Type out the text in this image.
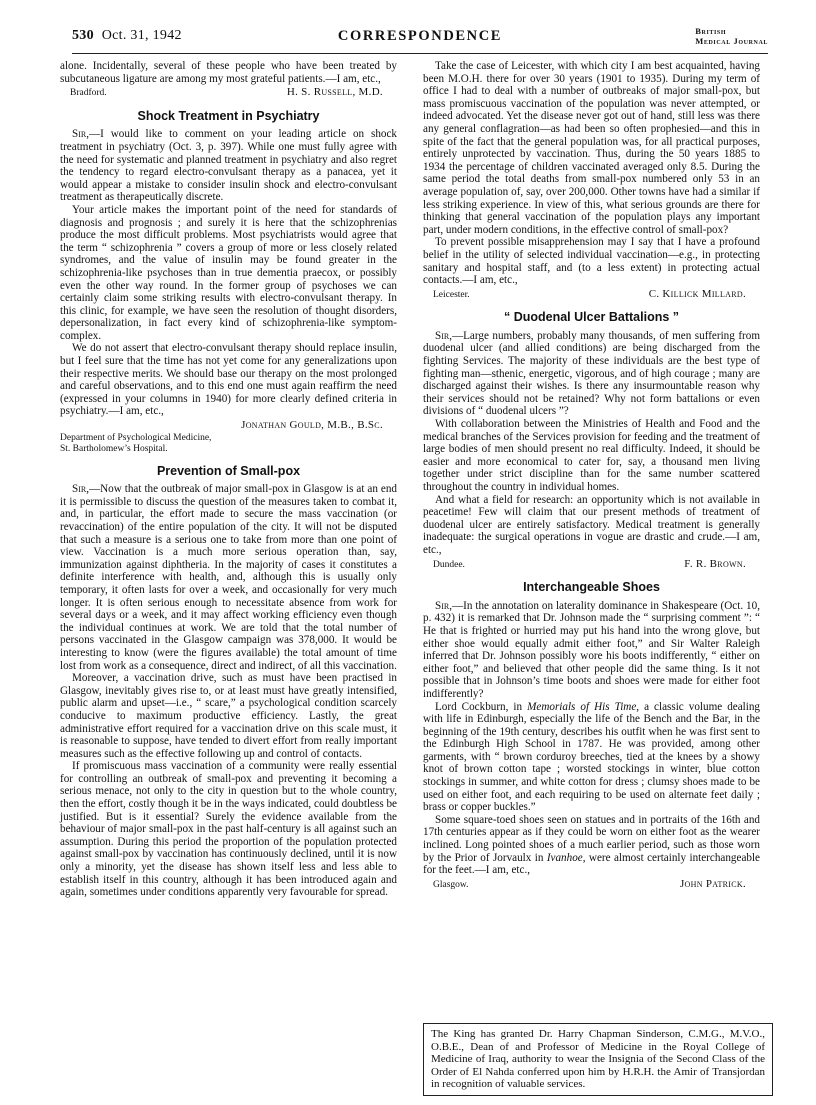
530 Oct. 31, 1942	CORRESPONDENCE	British
Medical Journal

alone. Incidentally, several of these people who have been treated by subcutaneous ligature are among my most grateful patients.—I am, etc.,

Bradford.	H. S. Russell, M.D.
Shock Treatment in Psychiatry

Sir,—I would like to comment on your leading article on shock treatment in psychiatry (Oct. 3, p. 397). While one must fully agree with the need for systematic and planned treatment in psychiatry and also regret the tendency to regard electro-convulsant therapy as a panacea, yet it would appear a mistake to consider insulin shock and electro-convulsant treatment as therapeutically discrete.

Your article makes the important point of the need for standards of diagnosis and prognosis ; and surely it is here that the schizophrenias produce the most difficult problems. Most psychiatrists would agree that the term “ schizophrenia ” covers a group of more or less closely related syndromes, and the value of insulin may be found greater in the schizophrenia-like psychoses than in true dementia praecox, or possibly even the other way round. In the former group of psychoses we can certainly claim some striking results with electro-convulsant therapy. In this clinic, for example, we have seen the resolution of thought disorders, depersonalization, in fact every kind of schizophrenia-like symptom-complex.

We do not assert that electro-convulsant therapy should replace insulin, but I feel sure that the time has not yet come for any generalizations upon their respective merits. We should base our therapy on the most prolonged and careful observations, and to this end one must again reaffirm the need (expressed in your columns in 1940) for more clearly defined criteria in psychiatry.—I am, etc.,

Jonathan Gould, M.B., B.Sc.
Department of Psychological Medicine,
St. Bartholomew’s Hospital.
Prevention of Small-pox

Sir,—Now that the outbreak of major small-pox in Glasgow is at an end it is permissible to discuss the question of the measures taken to combat it, and, in particular, the effort made to secure the mass vaccination (or revaccination) of the entire population of the city. It will not be disputed that such a measure is a serious one to take from more than one point of view. Vaccination is a much more serious operation than, say, immunization against diphtheria. In the majority of cases it constitutes a definite interference with health, and, although this is usually only temporary, it often lasts for over a week, and occasionally for very much longer. It is often serious enough to necessitate absence from work for several days or a week, and it may affect working efficiency even though the individual continues at work. We are told that the total number of persons vaccinated in the Glasgow campaign was 378,000. It would be interesting to know (were the figures available) the total amount of time lost from work as a consequence, direct and indirect, of all this vaccination.

Moreover, a vaccination drive, such as must have been practised in Glasgow, inevitably gives rise to, or at least must have greatly intensified, public alarm and upset—i.e., “ scare,” a psychological condition scarcely conducive to maximum productive efficiency. Lastly, the great administrative effort required for a vaccination drive on this scale must, it is reasonable to suppose, have tended to divert effort from really important measures such as the effective following up and control of contacts.

If promiscuous mass vaccination of a community were really essential for controlling an outbreak of small-pox and preventing it becoming a serious menace, not only to the city in question but to the whole country, then the effort, costly though it be in the ways indicated, could doubtless be justified. But is it essential? Surely the evidence available from the behaviour of major small-pox in the past half-century is all against such an assumption. During this period the proportion of the population protected against small-pox by vaccination has continuously declined, until it is now only a minority, yet the disease has shown itself less and less able to establish itself in this country, although it has been introduced again and again, sometimes under conditions apparently very favourable for spread.

Take the case of Leicester, with which city I am best acquainted, having been M.O.H. there for over 30 years (1901 to 1935). During my term of office I had to deal with a number of outbreaks of major small-pox, but mass promiscuous vaccination of the population was never attempted, or indeed advocated. Yet the disease never got out of hand, still less was there any general conflagration—as had been so often prophesied—and this in spite of the fact that the general population was, for all practical purposes, entirely unprotected by vaccination. Thus, during the 50 years 1885 to 1934 the percentage of children vaccinated averaged only 8.5. During the same period the total deaths from small-pox numbered only 53 in an average population of, say, over 200,000. Other towns have had a similar if less striking experience. In view of this, what serious grounds are there for thinking that general vaccination of the population plays any important part, under modern conditions, in the effective control of small-pox?

To prevent possible misapprehension may I say that I have a profound belief in the utility of selected individual vaccination—e.g., in protecting sanitary and hospital staff, and (to a less extent) in protecting actual contacts.—I am, etc.,

Leicester.	C. Killick Millard.
“ Duodenal Ulcer Battalions ”

Sir,—Large numbers, probably many thousands, of men suffering from duodenal ulcer (and allied conditions) are being discharged from the fighting Services. The majority of these individuals are the best type of fighting man—sthenic, energetic, vigorous, and of high courage ; many are discharged against their wishes. Is there any insurmountable reason why their services should not be retained? Why not form battalions or even divisions of “ duodenal ulcers ”?

With collaboration between the Ministries of Health and Food and the medical branches of the Services provision for feeding and the treatment of large bodies of men should present no real difficulty. Indeed, it should be easier and more economical to cater for, say, a thousand men living together under strict discipline than for the same number scattered throughout the country in individual homes.

And what a field for research: an opportunity which is not available in peacetime! Few will claim that our present methods of treatment of duodenal ulcer are entirely satisfactory. Medical treatment is generally inadequate: the surgical operations in vogue are drastic and crude.—I am, etc.,

Dundee.	F. R. Brown.
Interchangeable Shoes

Sir,—In the annotation on laterality dominance in Shakespeare (Oct. 10, p. 432) it is remarked that Dr. Johnson made the “ surprising comment ”: “ He that is frighted or hurried may put his hand into the wrong glove, but either shoe would equally admit either foot,” and Sir Walter Raleigh inferred that Dr. Johnson possibly wore his boots indifferently, “ either on either foot,” and believed that other people did the same thing. Is it not possible that in Johnson’s time boots and shoes were made for either foot indifferently?

Lord Cockburn, in Memorials of His Time, a classic volume dealing with life in Edinburgh, especially the life of the Bench and the Bar, in the beginning of the 19th century, describes his outfit when he was first sent to the Edinburgh High School in 1787. He was provided, among other garments, with “ brown corduroy breeches, tied at the knees by a showy knot of brown cotton tape ; worsted stockings in winter, blue cotton stockings in summer, and white cotton for dress ; clumsy shoes made to be used on either foot, and each requiring to be used on alternate feet daily ; brass or copper buckles.”

Some square-toed shoes seen on statues and in portraits of the 16th and 17th centuries appear as if they could be worn on either foot as the wearer inclined. Long pointed shoes of a much earlier period, such as those worn by the Prior of Jorvaulx in Ivanhoe, were almost certainly interchangeable for the feet.—I am, etc.,

Glasgow.	John Patrick.
The King has granted Dr. Harry Chapman Sinderson, C.M.G., M.V.O., O.B.E., Dean of and Professor of Medicine in the Royal College of Medicine of Iraq, authority to wear the Insignia of the Second Class of the Order of El Nahda conferred upon him by H.R.H. the Amir of Transjordan in recognition of valuable services.
